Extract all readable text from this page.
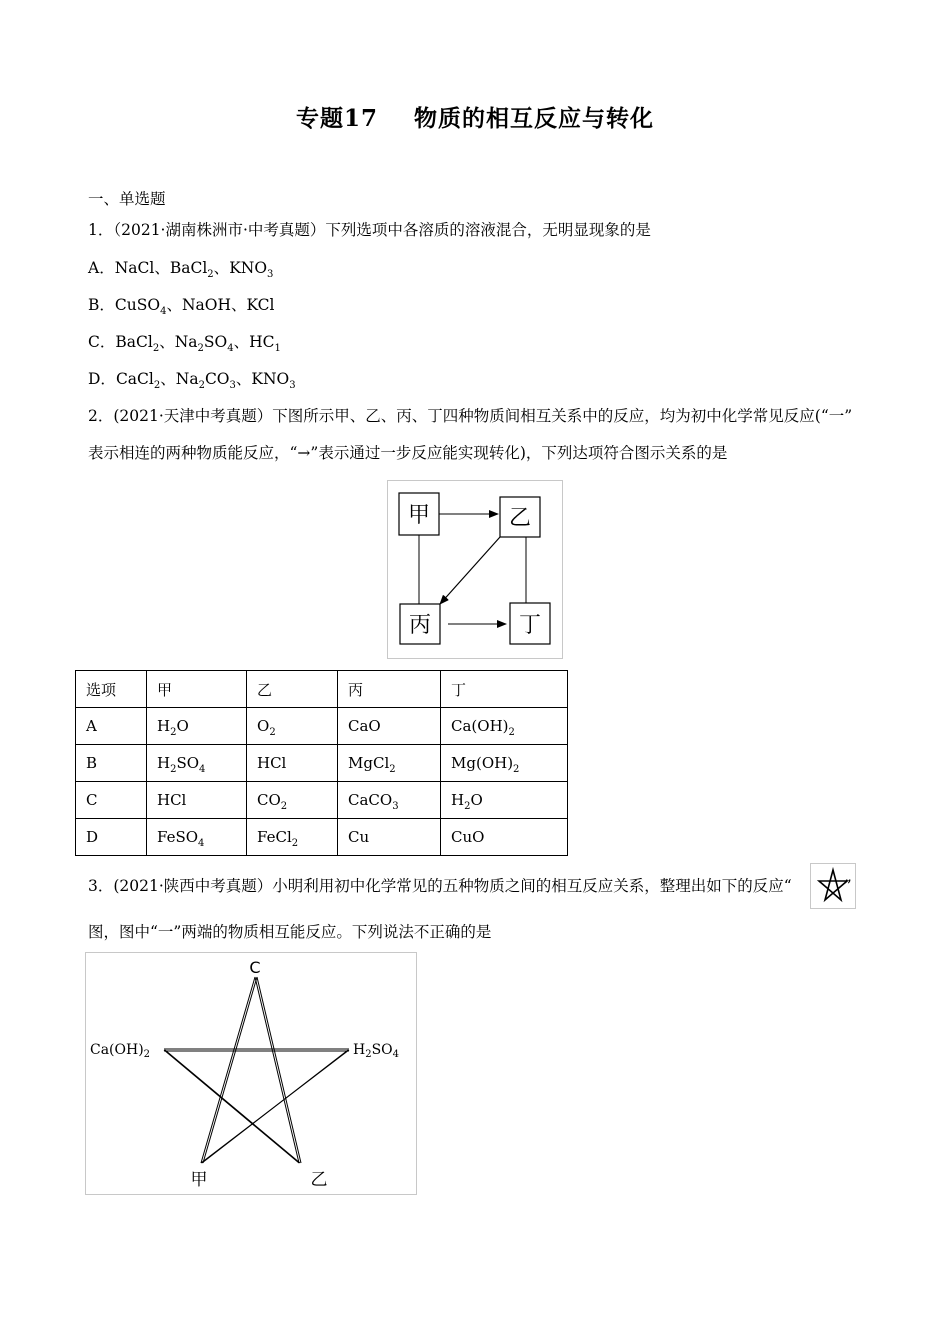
专题17 物质的相互反应与转化
一、单选题
1．（2021·湖南株洲市·中考真题）下列选项中各溶质的溶液混合，无明显现象的是
A．NaCl、BaCl$_2$、$KNO_3$
B．CuSO$_4$、NaOH、KCl
C．BaCl$_2$、$Na_2SO_4$、$HC_1$
D．CaCl$_2$、$Na_2CO_3$、$KNO_3$
2．(2021·天津中考真题）下图所示甲、乙、丙、丁四种物质间相互关系中的反应，均为初中化学常见反应(“一”
表示相连的两种物质能反应，“→”表示通过一步反应能实现转化)，下列达项符合图示关系的是
甲	乙
丙	丁
选项	甲	乙	丙	丁
A	$H_2O$	$O_2$	CaO	$Ca(OH)_2$
B	$H_2SO_4$	HCl	MgCl$_2$	$Mg(OH)_2$
C	HCl	$CO_2$	CaCO$_3$	$H_2O$
D	FeSO$_4$	FeCl$_2$	Cu	CuO
3．(2021·陕西中考真题）小明利用初中化学常见的五种物质之间的相互反应关系，整理出如下的反应“	”
图，图中“一”两端的物质相互能反应。下列说法不正确的是
C
$Ca(OH)_2$	$H_2SO_4$
甲	乙
